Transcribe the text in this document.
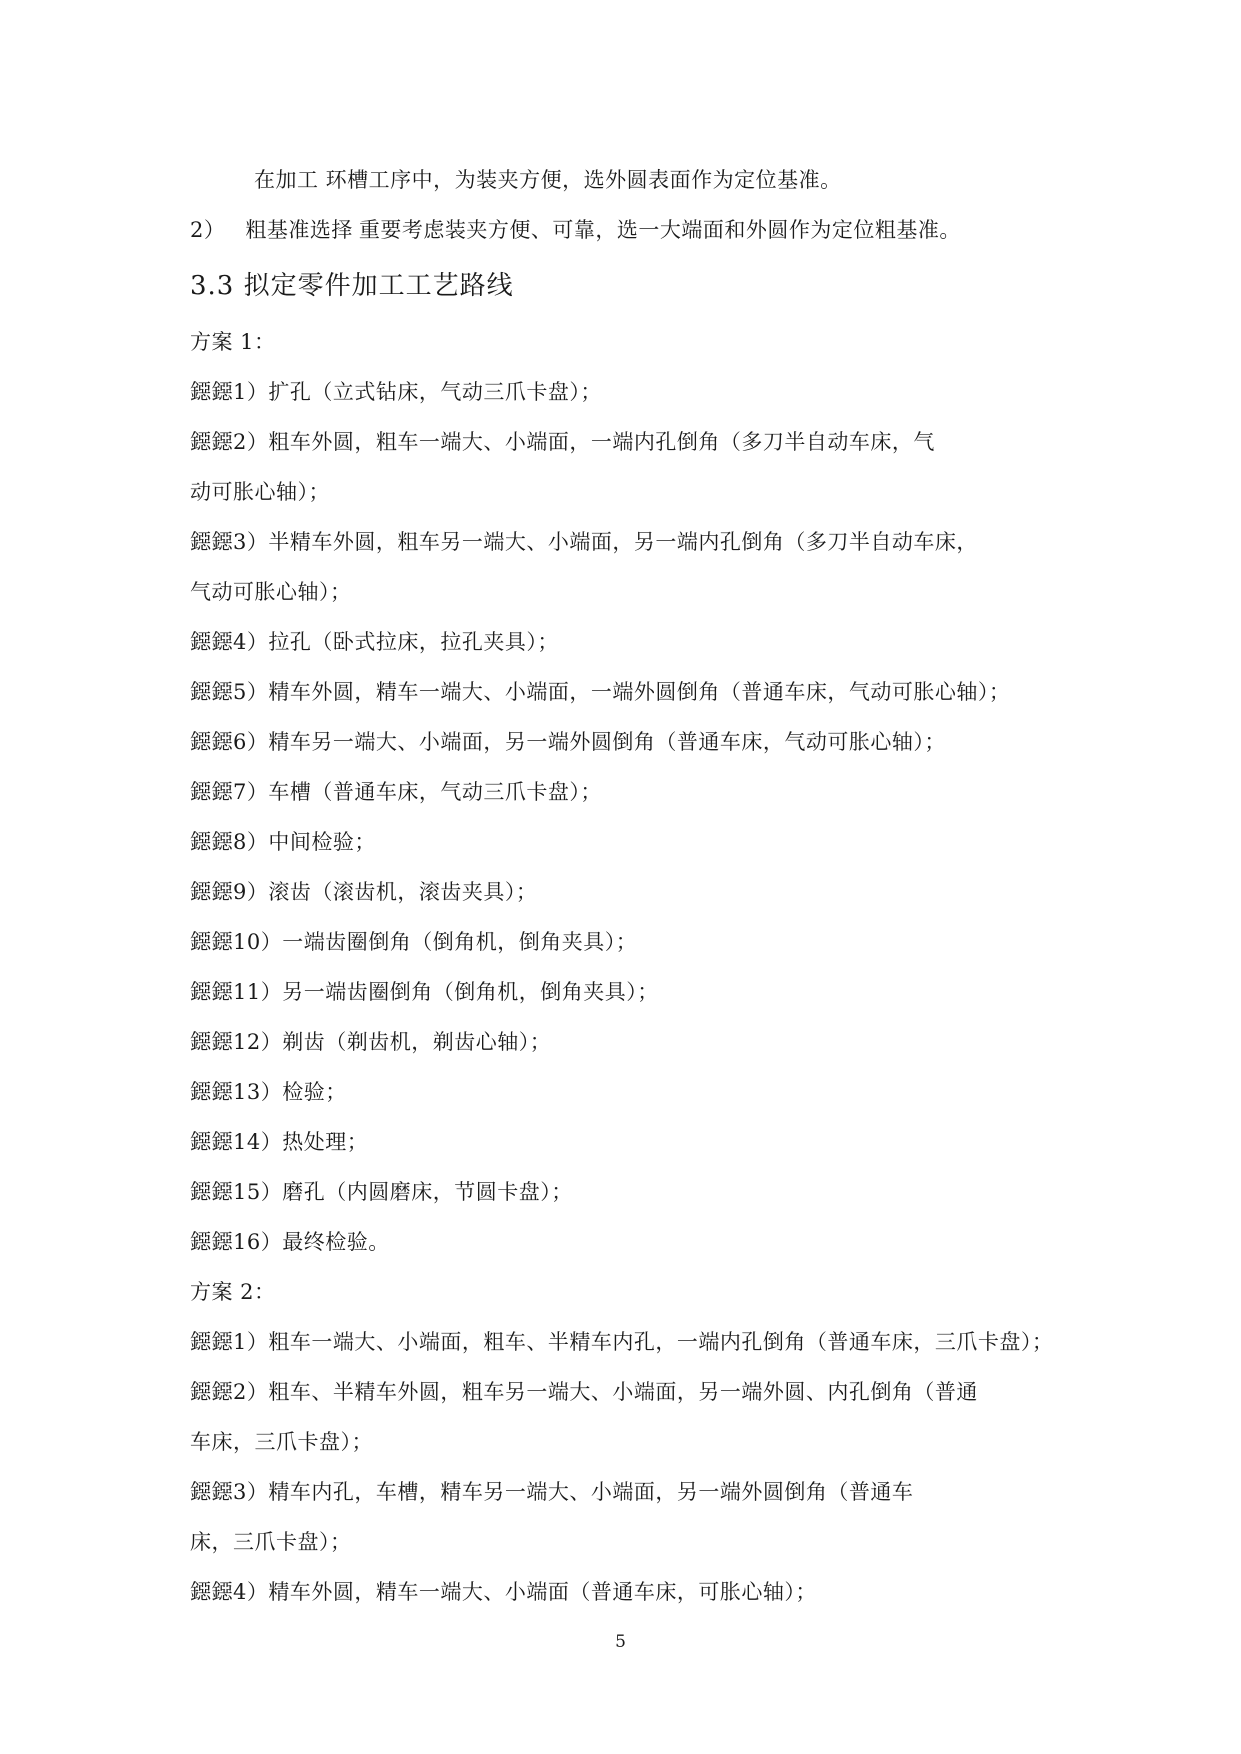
在加工 环槽工序中，为装夹方便，选外圆表面作为定位基准。
2） 粗基准选择 重要考虑装夹方便、可靠，选一大端面和外圆作为定位粗基准。
3.3 拟定零件加工工艺路线
方案 1：
鐚鐚1）扩孔（立式钻床，气动三爪卡盘）；
鐚鐚2）粗车外圆，粗车一端大、小端面，一端内孔倒角（多刀半自动车床，气动可胀心轴）；
鐚鐚3）半精车外圆，粗车另一端大、小端面，另一端内孔倒角（多刀半自动车床，气动可胀心轴）；
鐚鐚4）拉孔（卧式拉床，拉孔夹具）；
鐚鐚5）精车外圆，精车一端大、小端面，一端外圆倒角（普通车床，气动可胀心轴）；
鐚鐚6）精车另一端大、小端面，另一端外圆倒角（普通车床，气动可胀心轴）；
鐚鐚7）车槽（普通车床，气动三爪卡盘）；
鐚鐚8）中间检验；
鐚鐚9）滚齿（滚齿机，滚齿夹具）；
鐚鐚10）一端齿圈倒角（倒角机，倒角夹具）；
鐚鐚11）另一端齿圈倒角（倒角机，倒角夹具）；
鐚鐚12）剃齿（剃齿机，剃齿心轴）；
鐚鐚13）检验；
鐚鐚14）热处理；
鐚鐚15）磨孔（内圆磨床，节圆卡盘）；
鐚鐚16）最终检验。
方案 2：
鐚鐚1）粗车一端大、小端面，粗车、半精车内孔，一端内孔倒角（普通车床，三爪卡盘）；
鐚鐚2）粗车、半精车外圆，粗车另一端大、小端面，另一端外圆、内孔倒角（普通车床，三爪卡盘）；
鐚鐚3）精车内孔，车槽，精车另一端大、小端面，另一端外圆倒角（普通车床，三爪卡盘）；
鐚鐚4）精车外圆，精车一端大、小端面（普通车床，可胀心轴）；
5
